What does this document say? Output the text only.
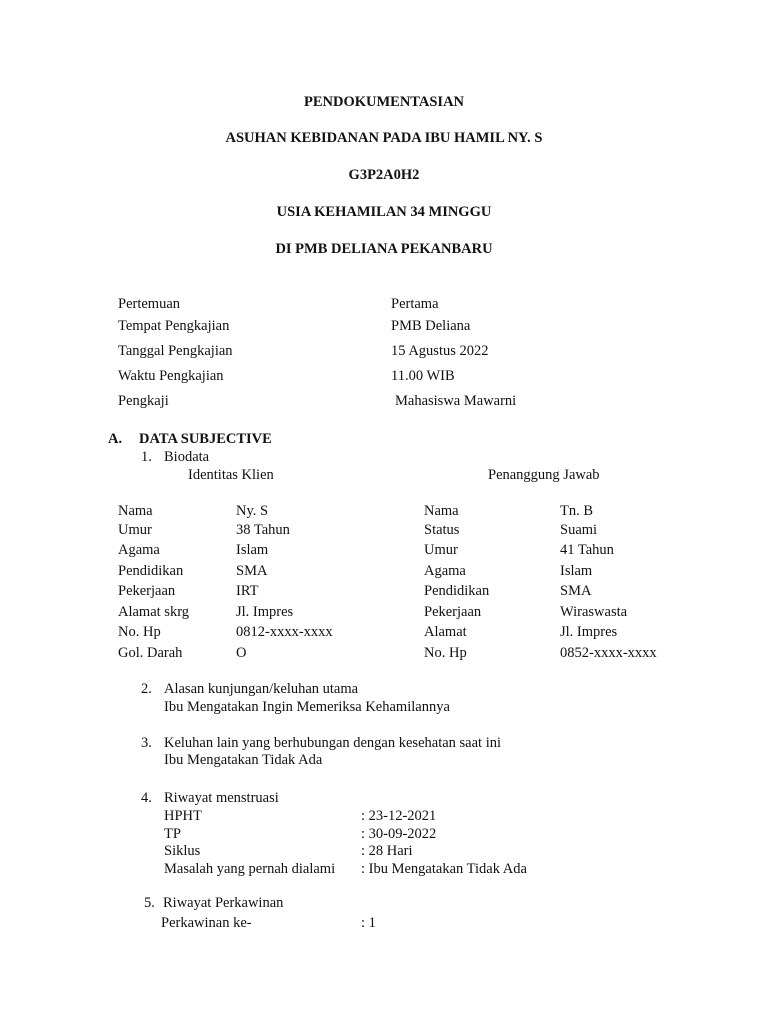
PENDOKUMENTASIAN
ASUHAN KEBIDANAN PADA IBU HAMIL NY. S
G3P2A0H2
USIA KEHAMILAN 34 MINGGU
DI PMB DELIANA PEKANBARU
Pertemuan	Pertama
Tempat Pengkajian	PMB Deliana
Tanggal Pengkajian	15 Agustus 2022
Waktu Pengkajian	11.00 WIB
Pengkaji	Mahasiswa Mawarni
A. DATA SUBJECTIVE
1. Biodata
Identitas Klien	Penanggung Jawab
Nama	Ny. S
Umur	38 Tahun
Agama	Islam
Pendidikan	SMA
Pekerjaan	IRT
Alamat skrg	Jl. Impres
No. Hp	0812-xxxx-xxxx
Gol. Darah	O
Nama	Tn. B
Status	Suami
Umur	41 Tahun
Agama	Islam
Pendidikan	SMA
Pekerjaan	Wiraswasta
Alamat	Jl. Impres
No. Hp	0852-xxxx-xxxx
2. Alasan kunjungan/keluhan utama
Ibu Mengatakan Ingin Memeriksa Kehamilannya
3. Keluhan lain yang berhubungan dengan kesehatan saat ini
Ibu Mengatakan Tidak Ada
4. Riwayat menstruasi
HPHT	: 23-12-2021
TP	: 30-09-2022
Siklus	: 28 Hari
Masalah yang pernah dialami : Ibu Mengatakan Tidak Ada
5. Riwayat Perkawinan
Perkawinan ke-	: 1
